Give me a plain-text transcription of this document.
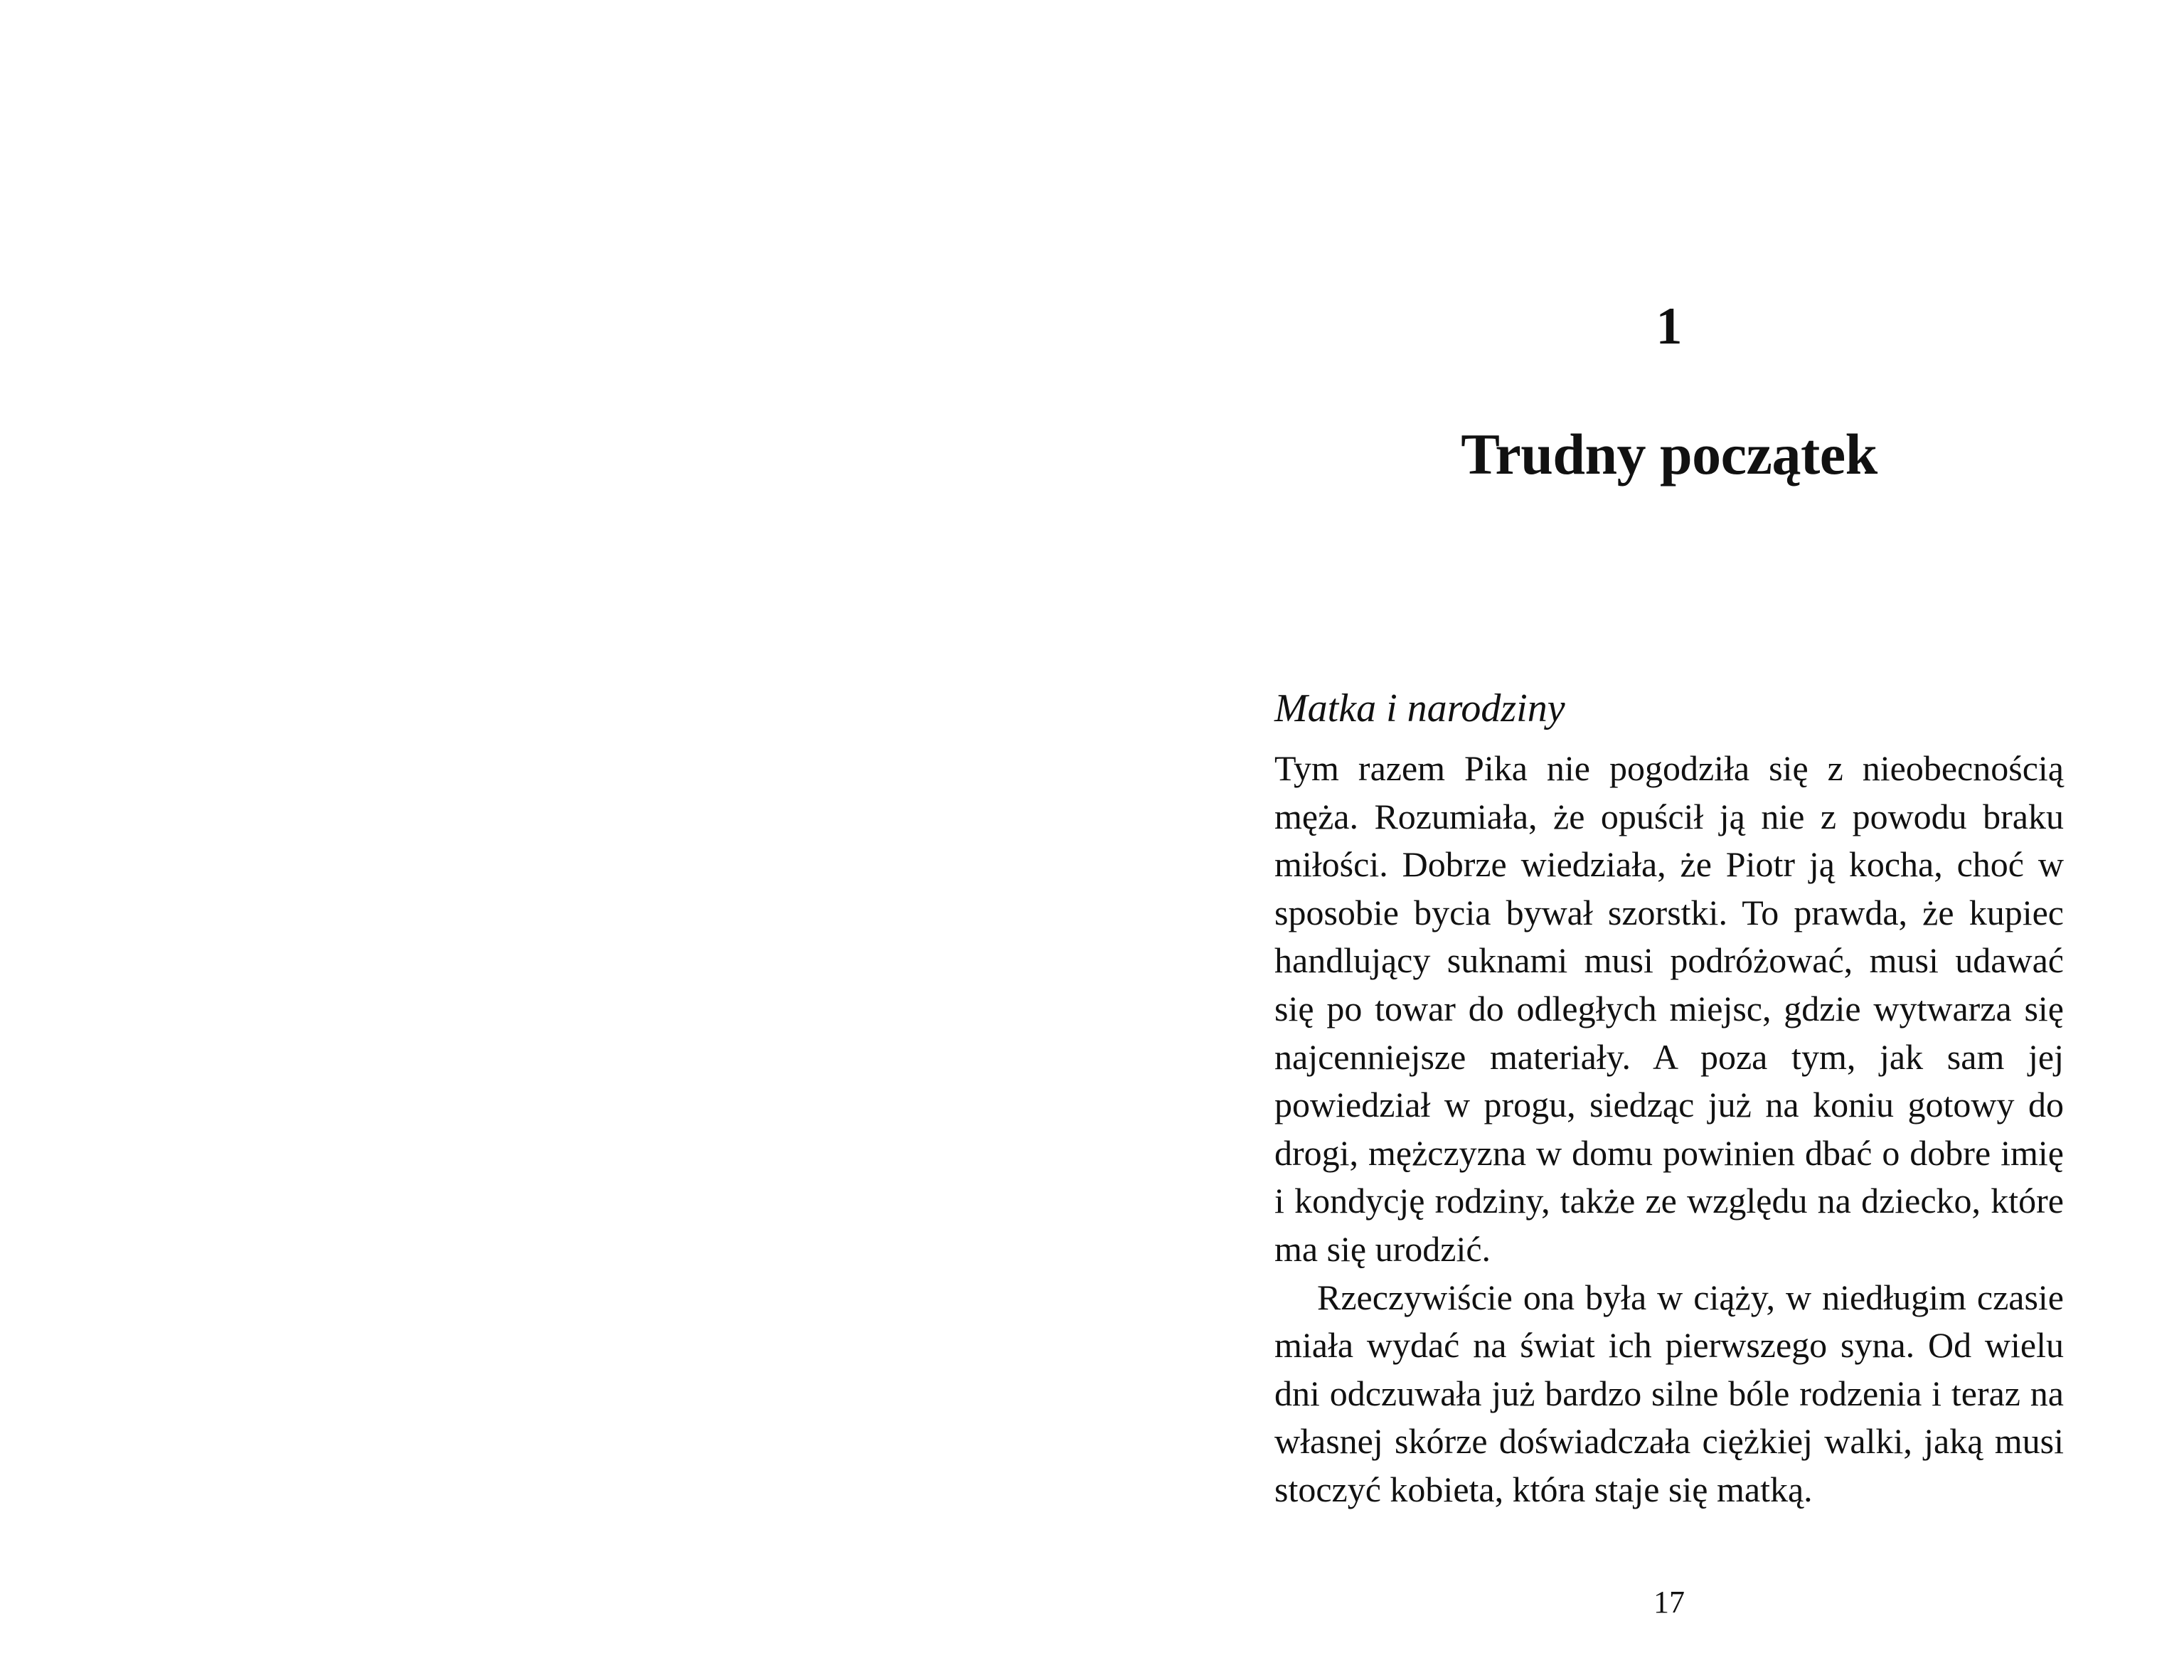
1
Trudny początek
Matka i narodziny

Tym razem Pika nie pogodziła się z nieobecnością męża. Rozumiała, że opuścił ją nie z powodu braku miłości. Dobrze wiedziała, że Piotr ją kocha, choć w sposobie bycia bywał szorstki. To prawda, że kupiec handlujący suknami musi podróżować, musi udawać się po towar do odległych miejsc, gdzie wytwarza się najcenniejsze materiały. A poza tym, jak sam jej powiedział w progu, siedząc już na koniu gotowy do drogi, mężczyzna w domu powinien dbać o dobre imię i kondycję rodziny, także ze względu na dziecko, które ma się urodzić.

Rzeczywiście ona była w ciąży, w niedługim czasie miała wydać na świat ich pierwszego syna. Od wielu dni odczuwała już bardzo silne bóle rodzenia i teraz na własnej skórze doświadczała ciężkiej walki, jaką musi stoczyć kobieta, która staje się matką.

17
